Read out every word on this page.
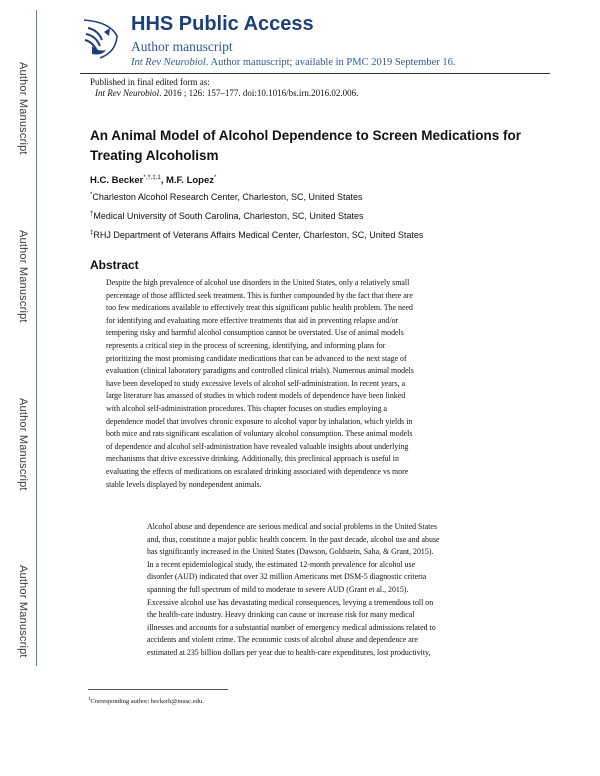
Author Manuscript
Author Manuscript
Author Manuscript
Author Manuscript
HHS Public Access
Author manuscript
Int Rev Neurobiol. Author manuscript; available in PMC 2019 September 16.
Published in final edited form as:
Int Rev Neurobiol. 2016 ; 126: 157–177. doi:10.1016/bs.irn.2016.02.006.
An Animal Model of Alcohol Dependence to Screen Medications for Treating Alcoholism
H.C. Becker$^{*,\dagger,\ddagger,1}$, M.F. Lopez*
*Charleston Alcohol Research Center, Charleston, SC, United States
†Medical University of South Carolina, Charleston, SC, United States
‡RHJ Department of Veterans Affairs Medical Center, Charleston, SC, United States
Abstract
Despite the high prevalence of alcohol use disorders in the United States, only a relatively small
percentage of those afflicted seek treatment. This is further compounded by the fact that there are
too few medications available to effectively treat this significant public health problem. The need
for identifying and evaluating more effective treatments that aid in preventing relapse and/or
tempering risky and harmful alcohol consumption cannot be overstated. Use of animal models
represents a critical step in the process of screening, identifying, and informing plans for
prioritizing the most promising candidate medications that can be advanced to the next stage of
evaluation (clinical laboratory paradigms and controlled clinical trials). Numerous animal models
have been developed to study excessive levels of alcohol self-administration. In recent years, a
large literature has amassed of studies in which rodent models of dependence have been linked
with alcohol self-administration procedures. This chapter focuses on studies employing a
dependence model that involves chronic exposure to alcohol vapor by inhalation, which yields in
both mice and rats significant escalation of voluntary alcohol consumption. These animal models
of dependence and alcohol self-administration have revealed valuable insights about underlying
mechanisms that drive excessive drinking. Additionally, this preclinical approach is useful in
evaluating the effects of medications on escalated drinking associated with dependence vs more
stable levels displayed by nondependent animals.
Alcohol abuse and dependence are serious medical and social problems in the United States
and, thus, constitute a major public health concern. In the past decade, alcohol use and abuse
has significantly increased in the United States (Dawson, Goldstein, Saha, & Grant, 2015).
In a recent epidemiological study, the estimated 12-month prevalence for alcohol use
disorder (AUD) indicated that over 32 million Americans met DSM-5 diagnostic criteria
spanning the full spectrum of mild to moderate to severe AUD (Grant et al., 2015).
Excessive alcohol use has devastating medical consequences, levying a tremendous toll on
the health-care industry. Heavy drinking can cause or increase risk for many medical
illnesses and accounts for a substantial number of emergency medical admissions related to
accidents and violent crime. The economic costs of alcohol abuse and dependence are
estimated at 235 billion dollars per year due to health-care expenditures, lost productivity,
$^1$Corresponding author: beckerh@musc.edu.
